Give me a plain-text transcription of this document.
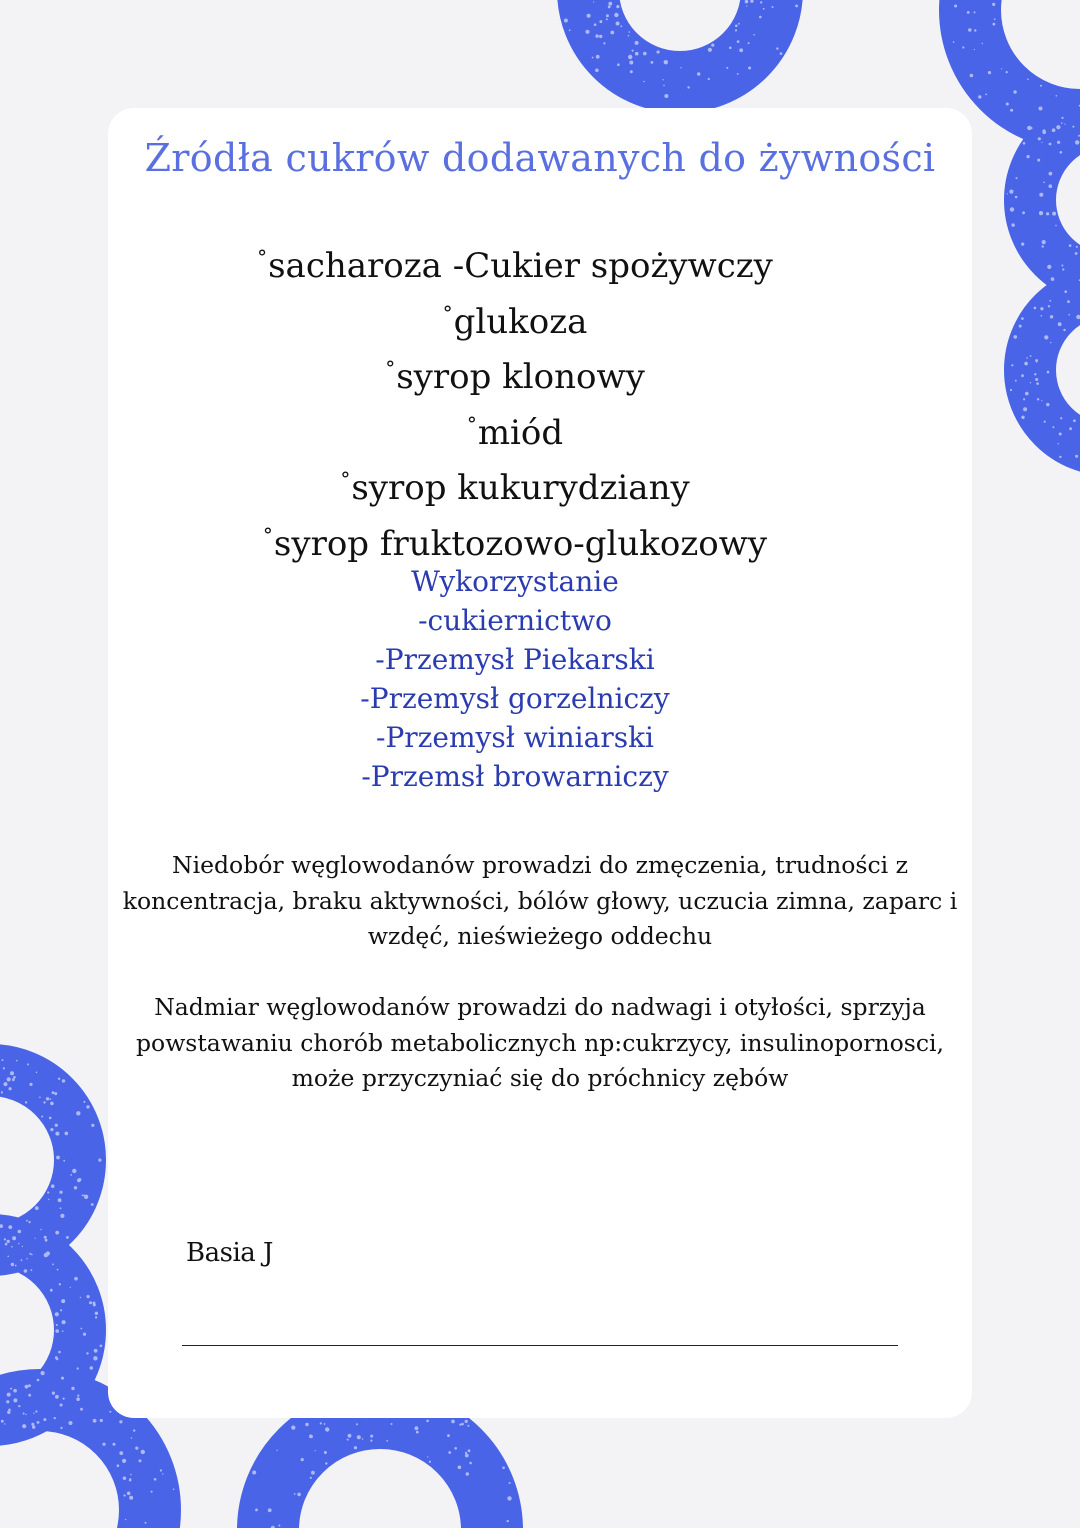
Źródła cukrów dodawanych do żywności
°sacharoza -Cukier spożywczy
°glukoza
°syrop klonowy
°miód
°syrop kukurydziany
°syrop fruktozowo-glukozowy
Wykorzystanie
-cukiernictwo
-Przemysł Piekarski
-Przemysł gorzelniczy
-Przemysł winiarski
-Przemsł browarniczy

Niedobór węglowodanów prowadzi do zmęczenia, trudności z koncentracja, braku aktywności, bólów głowy, uczucia zimna, zaparc i wzdęć, nieświeżego oddechu

Nadmiar węglowodanów prowadzi do nadwagi i otyłości, sprzyja powstawaniu chorób metabolicznych np:cukrzycy, insulinopornosci, może przyczyniać się do próchnicy zębów

Basia J
